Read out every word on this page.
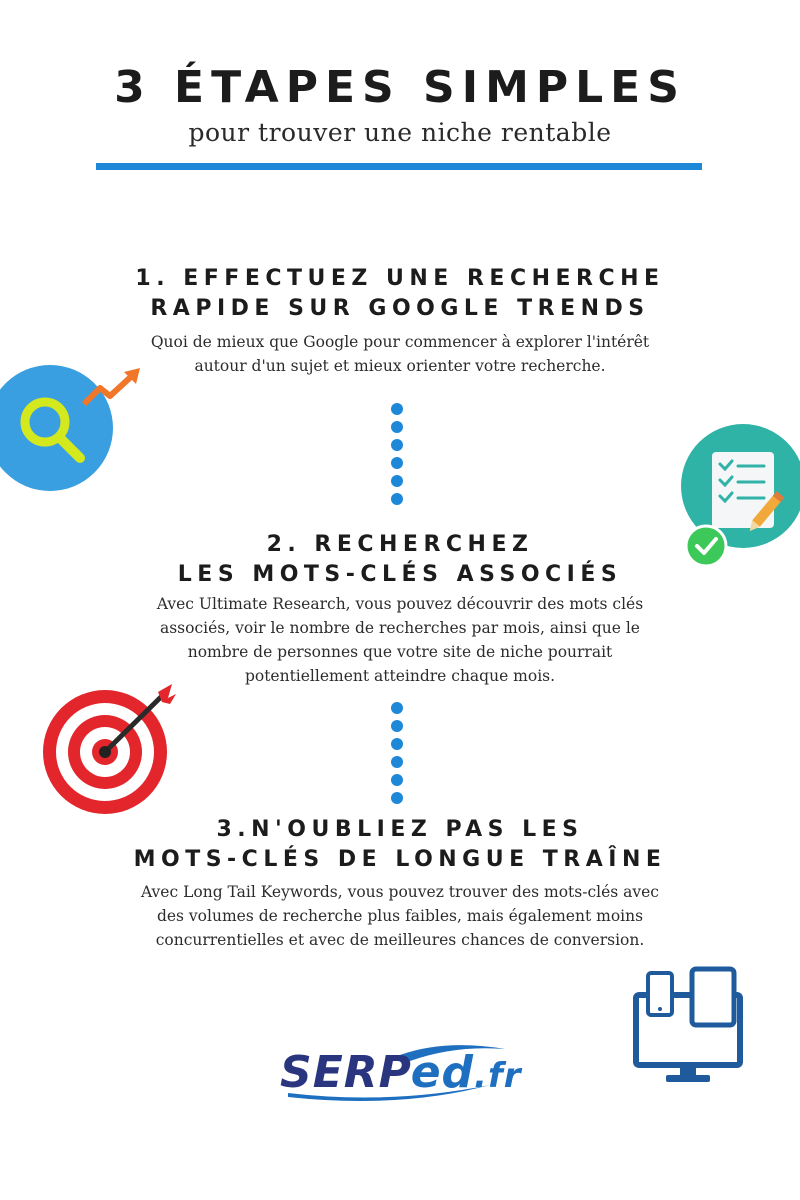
3 ÉTAPES SIMPLES
pour trouver une niche rentable
1. EFFECTUEZ UNE RECHERCHE
RAPIDE SUR GOOGLE TRENDS
Quoi de mieux que Google pour commencer à explorer l'intérêt
autour d'un sujet et mieux orienter votre recherche.
2. RECHERCHEZ
LES MOTS-CLÉS ASSOCIÉS
Avec Ultimate Research, vous pouvez découvrir des mots clés
associés, voir le nombre de recherches par mois, ainsi que le
nombre de personnes que votre site de niche pourrait
potentiellement atteindre chaque mois.
3.N'OUBLIEZ PAS LES
MOTS-CLÉS DE LONGUE TRAÎNE
Avec Long Tail Keywords, vous pouvez trouver des mots-clés avec
des volumes de recherche plus faibles, mais également moins
concurrentielles et avec de meilleures chances de conversion.
SERPed.fr
